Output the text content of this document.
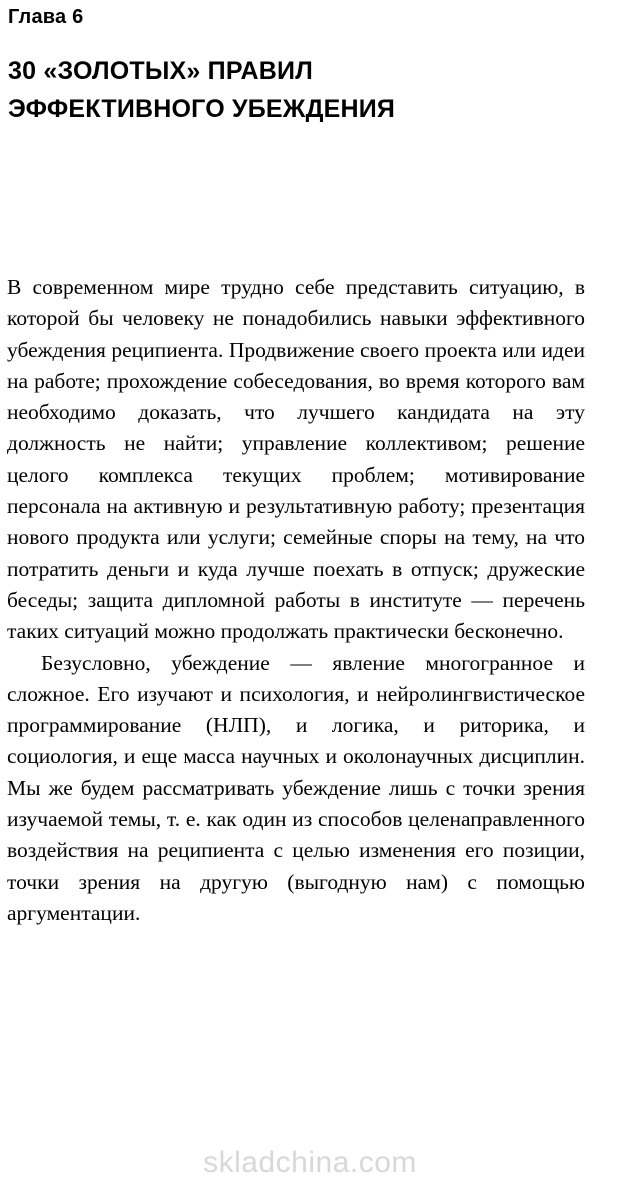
Глава 6
30 «ЗОЛОТЫХ» ПРАВИЛ
ЭФФЕКТИВНОГО УБЕЖДЕНИЯ

В современном мире трудно себе представить ситуацию, в которой бы человеку не понадобились навыки эффективного убеждения реципиента. Продвижение своего проекта или идеи на работе; прохождение собеседования, во время которого вам необходимо доказать, что лучшего кандидата на эту должность не найти; управление коллективом; решение целого комплекса текущих проблем; мотивирование персонала на активную и результативную работу; презентация нового продукта или услуги; семейные споры на тему, на что потратить деньги и куда лучше поехать в отпуск; дружеские беседы; защита дипломной работы в институте — перечень таких ситуаций можно продолжать практически бесконечно.

Безусловно, убеждение — явление многогранное и сложное. Его изучают и психология, и нейролингвистическое программирование (НЛП), и логика, и риторика, и социология, и еще масса научных и околонаучных дисциплин. Мы же будем рассматривать убеждение лишь с точки зрения изучаемой темы, т. е. как один из способов целенаправленного воздействия на реципиента с целью изменения его позиции, точки зрения на другую (выгодную нам) с помощью аргументации.

skladchina.com
